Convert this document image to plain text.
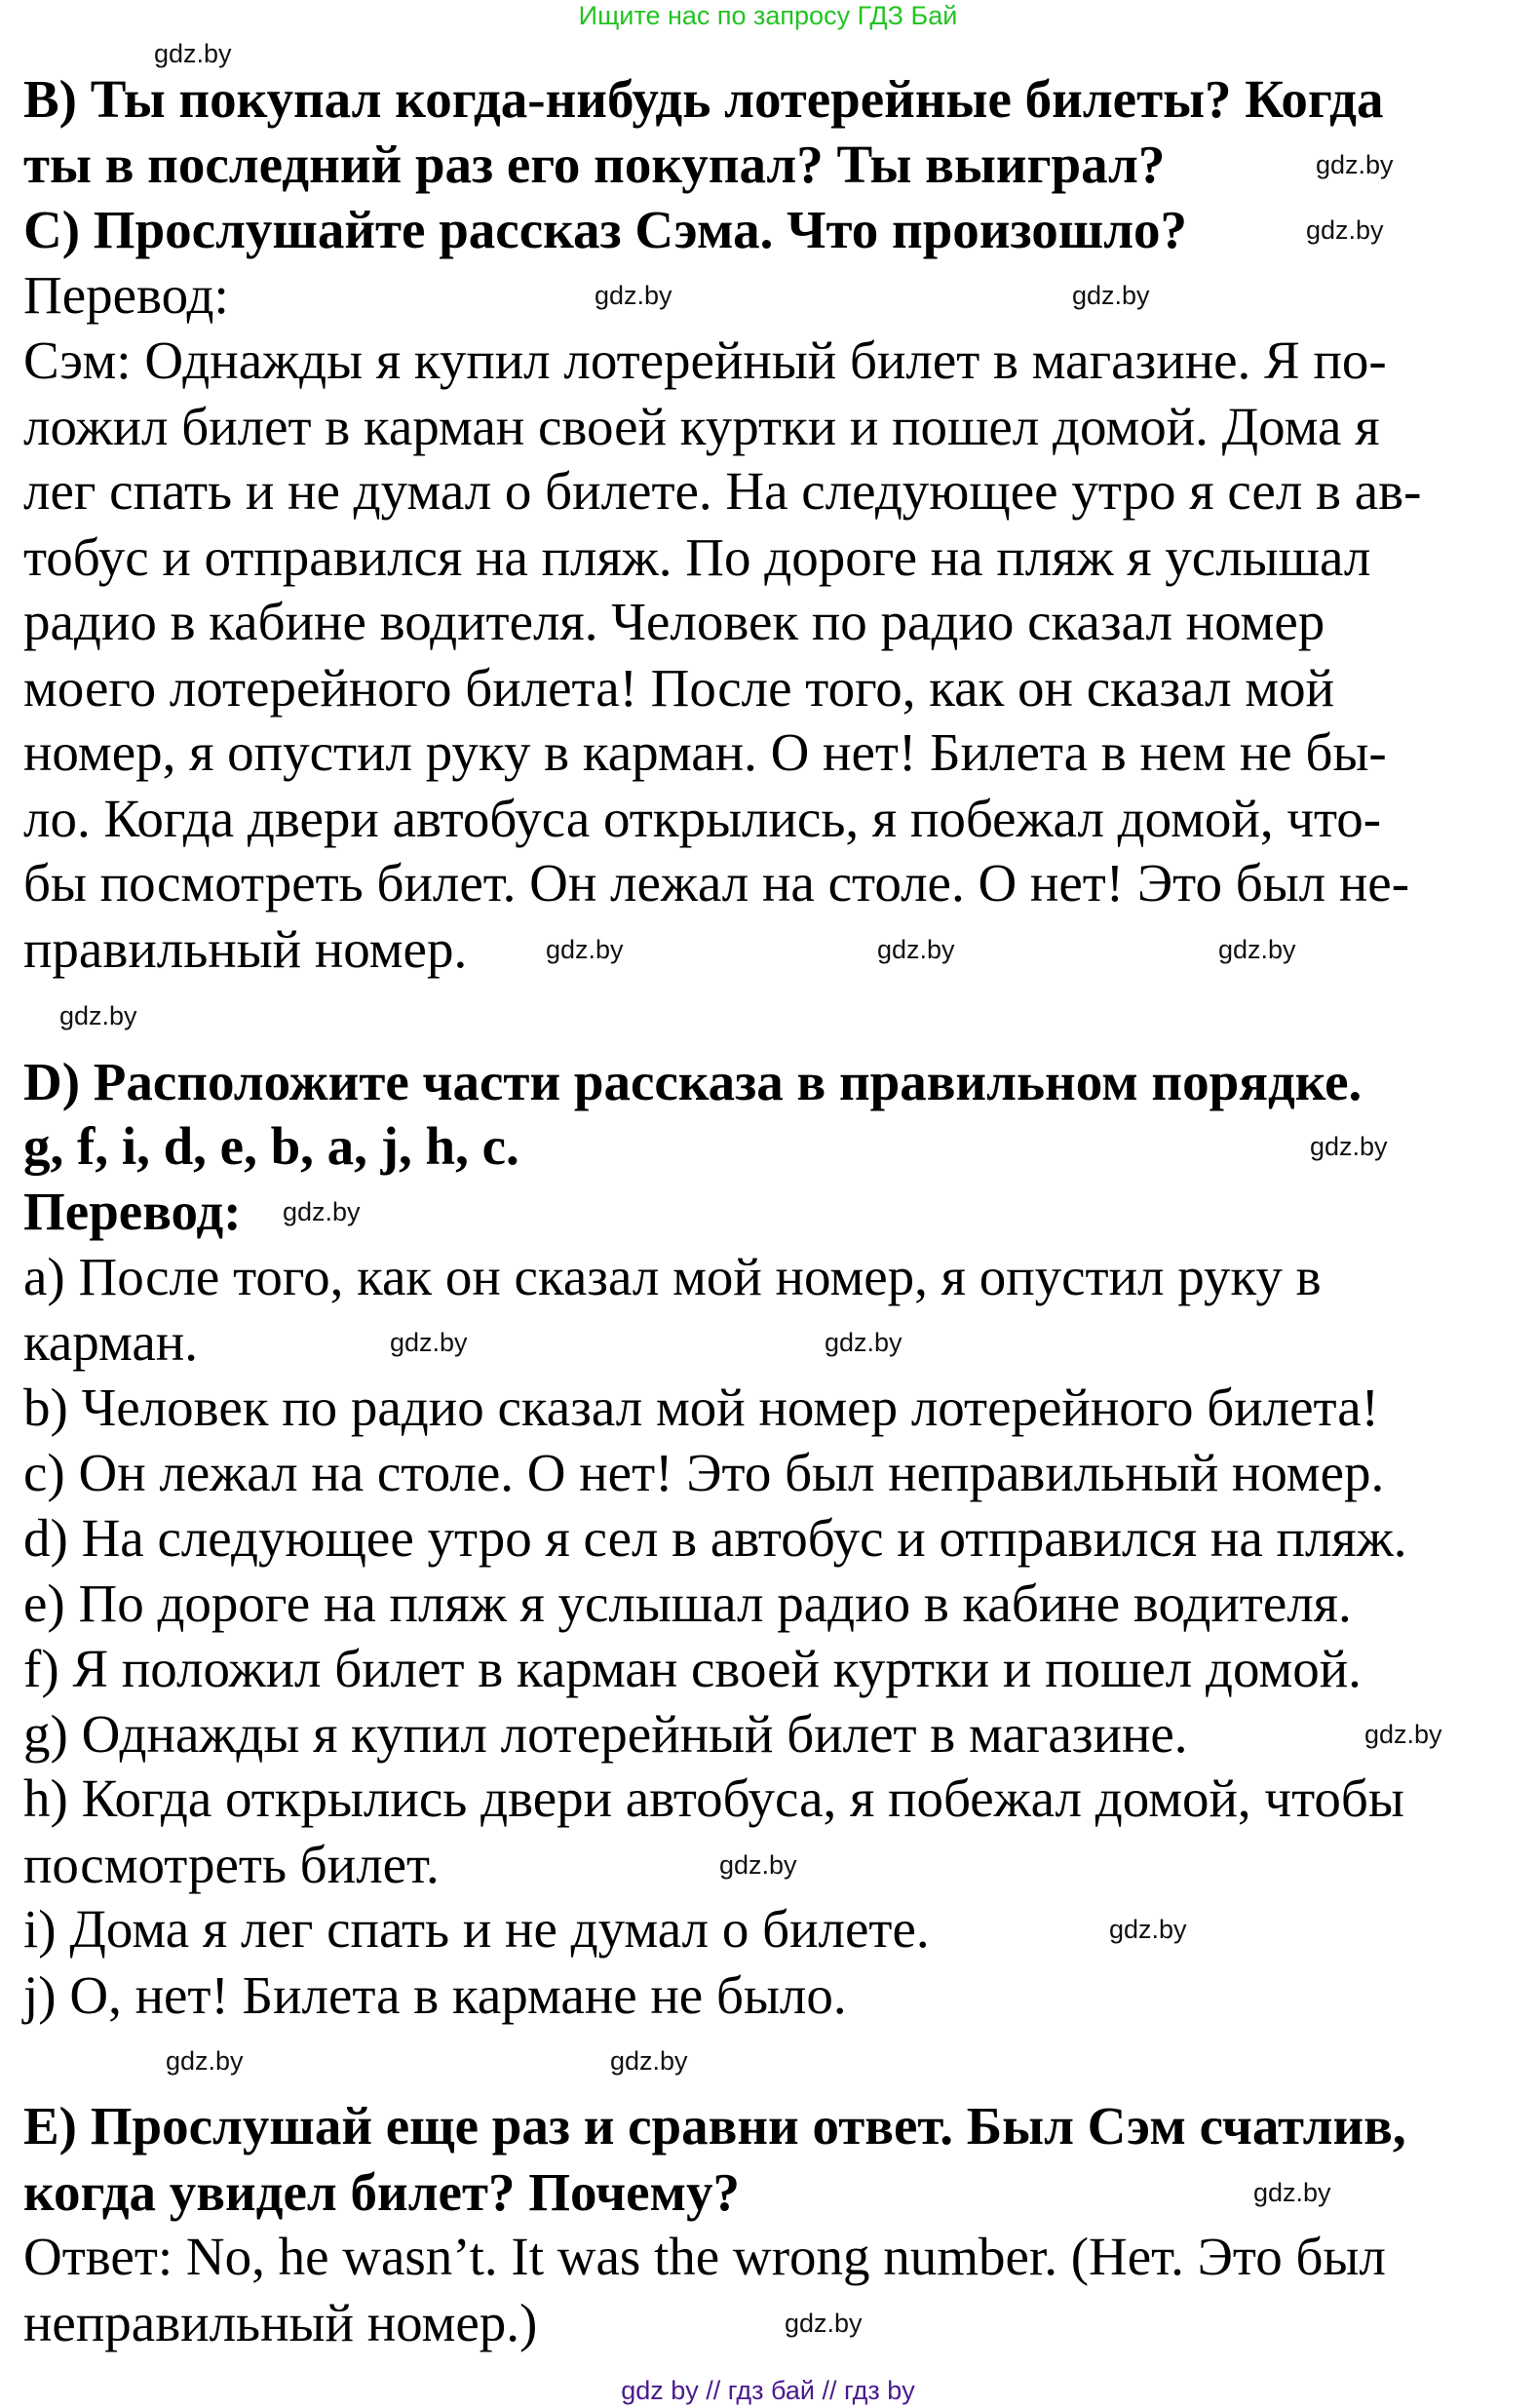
Ищите нас по запросу ГДЗ Бай
В) Ты покупал когда-нибудь лотерейные билеты? Когда
ты в последний раз его покупал? Ты выиграл?
С) Прослушайте рассказ Сэма. Что произошло?
Перевод:
Сэм: Однажды я купил лотерейный билет в магазине. Я по-
ложил билет в карман своей куртки и пошел домой. Дома я
лег спать и не думал о билете. На следующее утро я сел в ав-
тобус и отправился на пляж. По дороге на пляж я услышал
радио в кабине водителя. Человек по радио сказал номер
моего лотерейного билета! После того, как он сказал мой
номер, я опустил руку в карман. О нет! Билета в нем не бы-
ло. Когда двери автобуса открылись, я побежал домой, что-
бы посмотреть билет. Он лежал на столе. О нет! Это был не-
правильный номер.
D) Расположите части рассказа в правильном порядке.
g, f, i, d, e, b, a, j, h, c.
Перевод:
a) После того, как он сказал мой номер, я опустил руку в
карман.
b) Человек по радио сказал мой номер лотерейного билета!
c) Он лежал на столе. О нет! Это был неправильный номер.
d) На следующее утро я сел в автобус и отправился на пляж.
e) По дороге на пляж я услышал радио в кабине водителя.
f) Я положил билет в карман своей куртки и пошел домой.
g) Однажды я купил лотерейный билет в магазине.
h) Когда открылись двери автобуса, я побежал домой, чтобы
посмотреть билет.
i) Дома я лег спать и не думал о билете.
j) О, нет! Билета в кармане не было.
E) Прослушай еще раз и сравни ответ. Был Сэм счатлив,
когда увидел билет? Почему?
Ответ: No, he wasn’t. It was the wrong number. (Нет. Это был
неправильный номер.)
gdz.by
gdz.by
gdz.by
gdz.by
gdz.by
gdz.by	gdz.by
gdz.by
gdz.by
gdz.by
gdz.by
gdz.by
gdz.by
gdz.by
gdz.by
gdz.by
gdz.by
gdz.by
gdz.by
gdz.by
gdz by // гдз бай // гдз by
